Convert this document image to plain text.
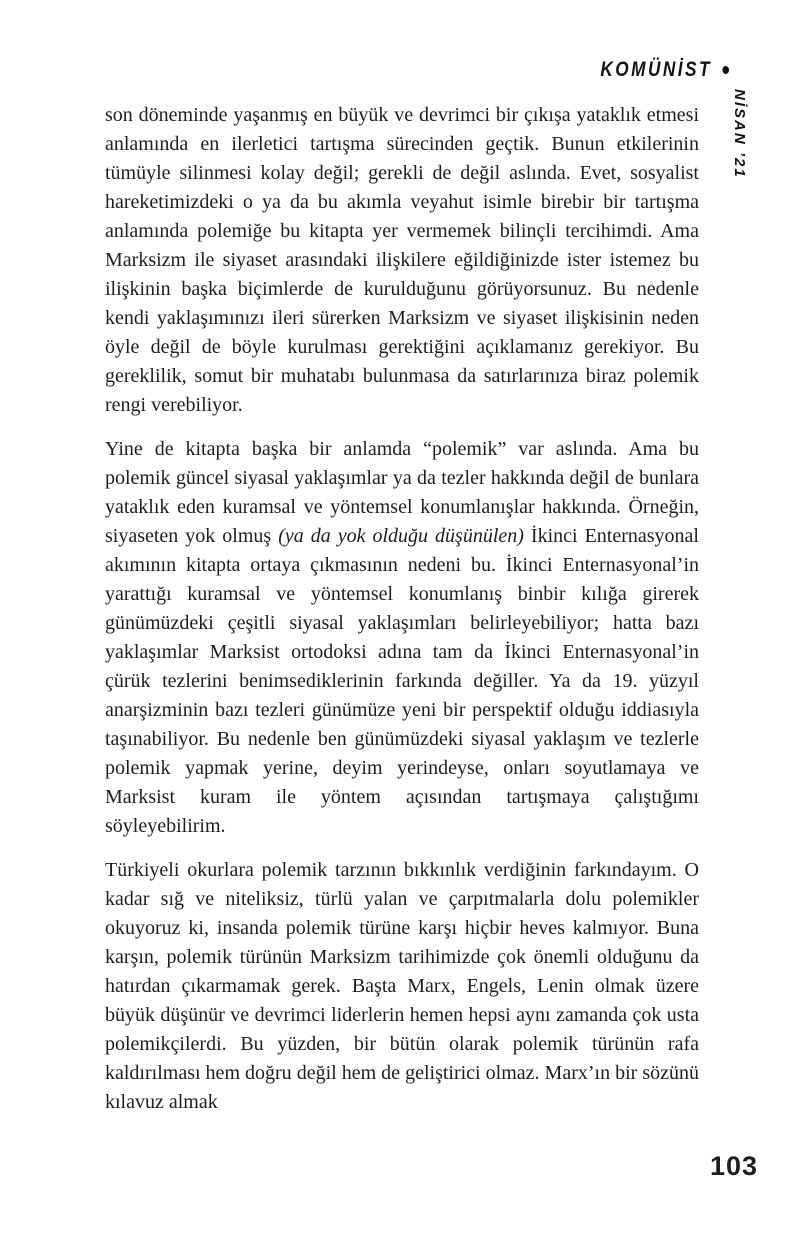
KOMÜNİST •
NİSAN ’21

son döneminde yaşanmış en büyük ve devrimci bir çıkışa yataklık etmesi anlamında en ilerletici tartışma sürecinden geçtik. Bunun etkilerinin tümüyle silinmesi kolay değil; gerekli de değil aslında. Evet, sosyalist hareketimizdeki o ya da bu akımla veyahut isimle birebir bir tartışma anlamında polemiğe bu kitapta yer vermemek bilinçli tercihimdi. Ama Marksizm ile siyaset arasındaki ilişkilere eğildiğinizde ister istemez bu ilişkinin başka biçimlerde de kurulduğunu görüyorsunuz. Bu nedenle kendi yaklaşımınızı ileri sürerken Marksizm ve siyaset ilişkisinin neden öyle değil de böyle kurulması gerektiğini açıklamanız gerekiyor. Bu gereklilik, somut bir muhatabı bulunmasa da satırlarınıza biraz polemik rengi verebiliyor.

Yine de kitapta başka bir anlamda “polemik” var aslında. Ama bu polemik güncel siyasal yaklaşımlar ya da tezler hakkında değil de bunlara yataklık eden kuramsal ve yöntemsel konumlanışlar hakkında. Örneğin, siyaseten yok olmuş (ya da yok olduğu düşünülen) İkinci Enternasyonal akımının kitapta ortaya çıkmasının nedeni bu. İkinci Enternasyonal’in yarattığı kuramsal ve yöntemsel konumlanış binbir kılığa girerek günümüzdeki çeşitli siyasal yaklaşımları belirleyebiliyor; hatta bazı yaklaşımlar Marksist ortodoksi adına tam da İkinci Enternasyonal’in çürük tezlerini benimsediklerinin farkında değiller. Ya da 19. yüzyıl anarşizminin bazı tezleri günümüze yeni bir perspektif olduğu iddiasıyla taşınabiliyor. Bu nedenle ben günümüzdeki siyasal yaklaşım ve tezlerle polemik yapmak yerine, deyim yerindeyse, onları soyutlamaya ve Marksist kuram ile yöntem açısından tartışmaya çalıştığımı söyleyebilirim.

Türkiyeli okurlara polemik tarzının bıkkınlık verdiğinin farkındayım. O kadar sığ ve niteliksiz, türlü yalan ve çarpıtmalarla dolu polemikler okuyoruz ki, insanda polemik türüne karşı hiçbir heves kalmıyor. Buna karşın, polemik türünün Marksizm tarihimizde çok önemli olduğunu da hatırdan çıkarmamak gerek. Başta Marx, Engels, Lenin olmak üzere büyük düşünür ve devrimci liderlerin hemen hepsi aynı zamanda çok usta polemikçilerdi. Bu yüzden, bir bütün olarak polemik türünün rafa kaldırılması hem doğru değil hem de geliştirici olmaz. Marx’ın bir sözünü kılavuz almak

103
